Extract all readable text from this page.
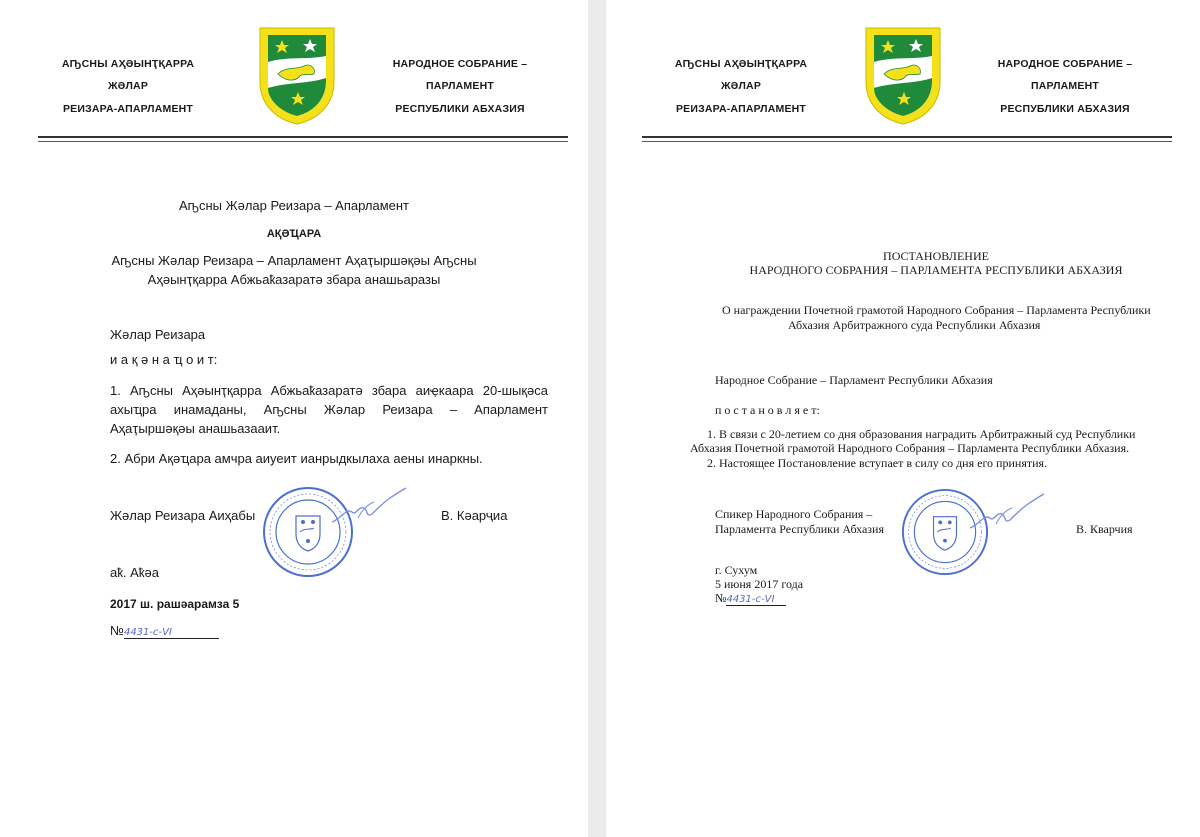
АҦСНЫ АҲӘЫНҬҚАРРА

ЖӘЛАР

РЕИЗАРА-АПАРЛАМЕНТ

НАРОДНОЕ СОБРАНИЕ –

ПАРЛАМЕНТ

РЕСПУБЛИКИ АБХАЗИЯ

Аҧсны Жәлар Реизара – Апарламент

АҚӘҴАРА

Аҧсны Жәлар Реизара – Апарламент Аҳаҭыршәқәы Аҧсны

Аҳәынҭқарра Абжьаҟазаратә збара анашьаразы

Жәлар Реизара

и а қ ә н а ҵ о и т:

1. Аҧсны Аҳәынҭқарра Абжьаҟазаратә збара аиҿкаара 20-шықәса ахыҵра инамаданы, Аҧсны Жәлар Реизара – Апарламент Аҳаҭыршәқәы анашьазааит.

2. Абри Ақәҵара амчра аиуеит ианрыдкылаха аены инаркны.

Жәлар Реизара Аиҳабы	В. Кәарҷиа

аҟ. Аҟәа

2017 ш. рашәарамза 5

№4431-с-VI

АҦСНЫ АҲӘЫНҬҚАРРА

ЖӘЛАР

РЕИЗАРА-АПАРЛАМЕНТ

НАРОДНОЕ СОБРАНИЕ –

ПАРЛАМЕНТ

РЕСПУБЛИКИ АБХАЗИЯ

ПОСТАНОВЛЕНИЕ

НАРОДНОГО СОБРАНИЯ – ПАРЛАМЕНТА РЕСПУБЛИКИ АБХАЗИЯ

О награждении Почетной грамотой Народного Собрания – Парламента Республики

Абхазия Арбитражного суда Республики Абхазия

Народное Собрание – Парламент Республики Абхазия

п о с т а н о в л я е т:

1. В связи с 20-летием со дня образования наградить Арбитражный суд Республики

Абхазия Почетной грамотой Народного Собрания – Парламента Республики Абхазия.

2. Настоящее Постановление вступает в силу со дня его принятия.

Спикер Народного Собрания –

Парламента Республики Абхазия	В. Кварчия

г. Сухум

5 июня 2017 года

№4431-с-VI
